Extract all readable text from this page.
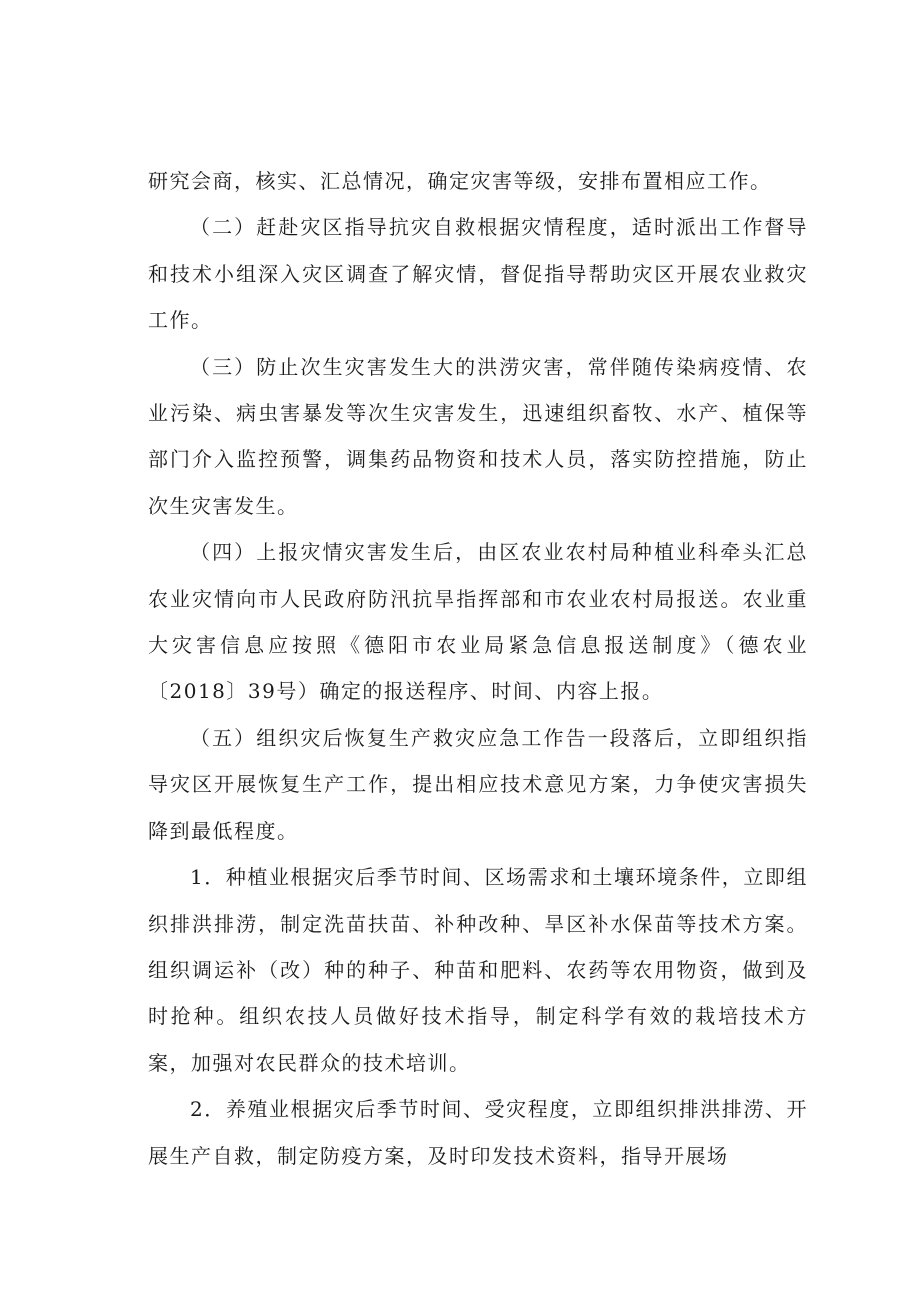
研究会商，核实、汇总情况，确定灾害等级，安排布置相应工作。

（二）赶赴灾区指导抗灾自救根据灾情程度，适时派出工作督导和技术小组深入灾区调查了解灾情，督促指导帮助灾区开展农业救灾工作。

（三）防止次生灾害发生大的洪涝灾害，常伴随传染病疫情、农业污染、病虫害暴发等次生灾害发生，迅速组织畜牧、水产、植保等部门介入监控预警，调集药品物资和技术人员，落实防控措施，防止次生灾害发生。

（四）上报灾情灾害发生后，由区农业农村局种植业科牵头汇总农业灾情向市人民政府防汛抗旱指挥部和市农业农村局报送。农业重大灾害信息应按照《德阳市农业局紧急信息报送制度》（德农业〔2018〕39号）确定的报送程序、时间、内容上报。

（五）组织灾后恢复生产救灾应急工作告一段落后，立即组织指导灾区开展恢复生产工作，提出相应技术意见方案，力争使灾害损失降到最低程度。

1．种植业根据灾后季节时间、区场需求和土壤环境条件，立即组织排洪排涝，制定洗苗扶苗、补种改种、旱区补水保苗等技术方案。组织调运补（改）种的种子、种苗和肥料、农药等农用物资，做到及时抢种。组织农技人员做好技术指导，制定科学有效的栽培技术方案，加强对农民群众的技术培训。

2．养殖业根据灾后季节时间、受灾程度，立即组织排洪排涝、开展生产自救，制定防疫方案，及时印发技术资料，指导开展场
